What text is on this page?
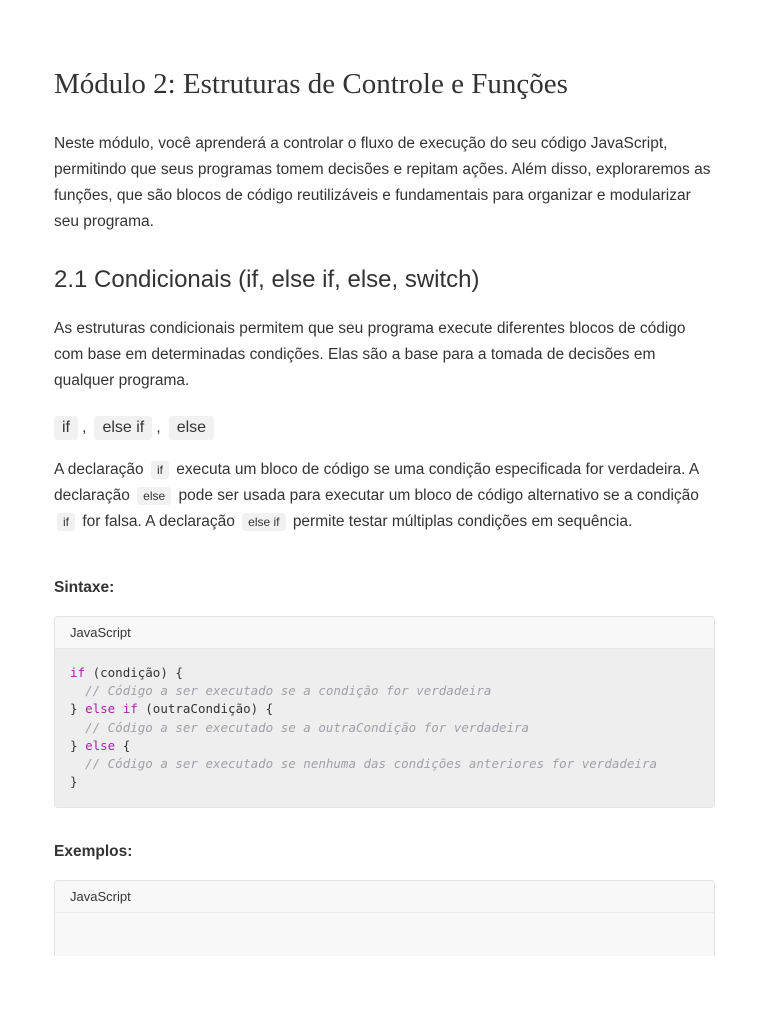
Módulo 2: Estruturas de Controle e Funções

Neste módulo, você aprenderá a controlar o fluxo de execução do seu código JavaScript, permitindo que seus programas tomem decisões e repitam ações. Além disso, exploraremos as funções, que são blocos de código reutilizáveis e fundamentais para organizar e modularizar seu programa.

2.1 Condicionais (if, else if, else, switch)

As estruturas condicionais permitem que seu programa execute diferentes blocos de código com base em determinadas condições. Elas são a base para a tomada de decisões em qualquer programa.

if ,	else if ,	else

A declaração if executa um bloco de código se uma condição especificada for verdadeira. A declaração else pode ser usada para executar um bloco de código alternativo se a condição if for falsa. A declaração else if permite testar múltiplas condições em sequência.

Sintaxe:

JavaScript
if (condição) {
// Código a ser executado se a condição for verdadeira
} else if (outraCondição) {
// Código a ser executado se a outraCondição for verdadeira
} else {
// Código a ser executado se nenhuma das condições anteriores for verdadeira
}

Exemplos:

JavaScript
